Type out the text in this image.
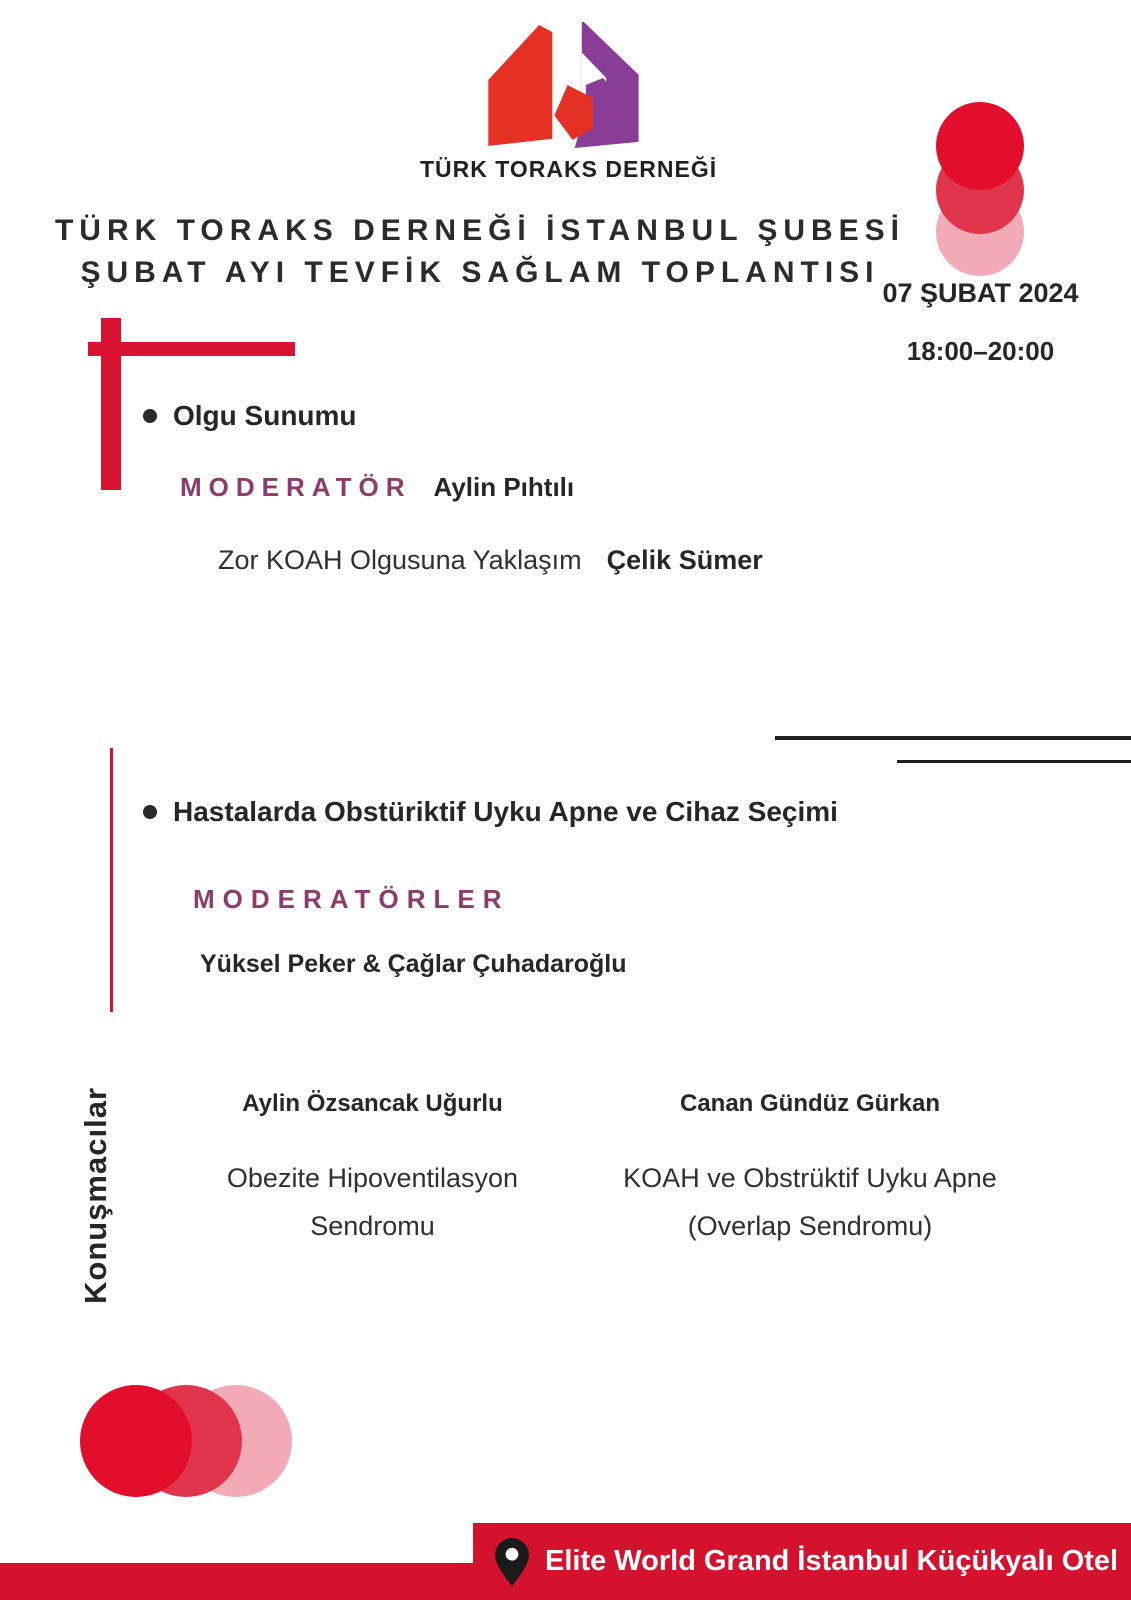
TÜRK TORAKS DERNEĞİ
TÜRK TORAKS DERNEĞİ İSTANBUL ŞUBESİ
ŞUBAT AYI TEVFİK SAĞLAM TOPLANTISI
07 ŞUBAT 2024
18:00–20:00
Olgu Sunumu
MODERATÖR Aylin Pıhtılı
Zor KOAH Olgusuna Yaklaşım Çelik Sümer
Hastalarda Obstüriktif Uyku Apne ve Cihaz Seçimi
MODERATÖRLER
Yüksel Peker & Çağlar Çuhadaroğlu
Konuşmacılar	Aylin Özsancak Uğurlu
Obezite Hipoventilasyon
Sendromu
Canan Gündüz Gürkan
KOAH ve Obstrüktif Uyku Apne
(Overlap Sendromu)
Elite World Grand İstanbul Küçükyalı Otel
